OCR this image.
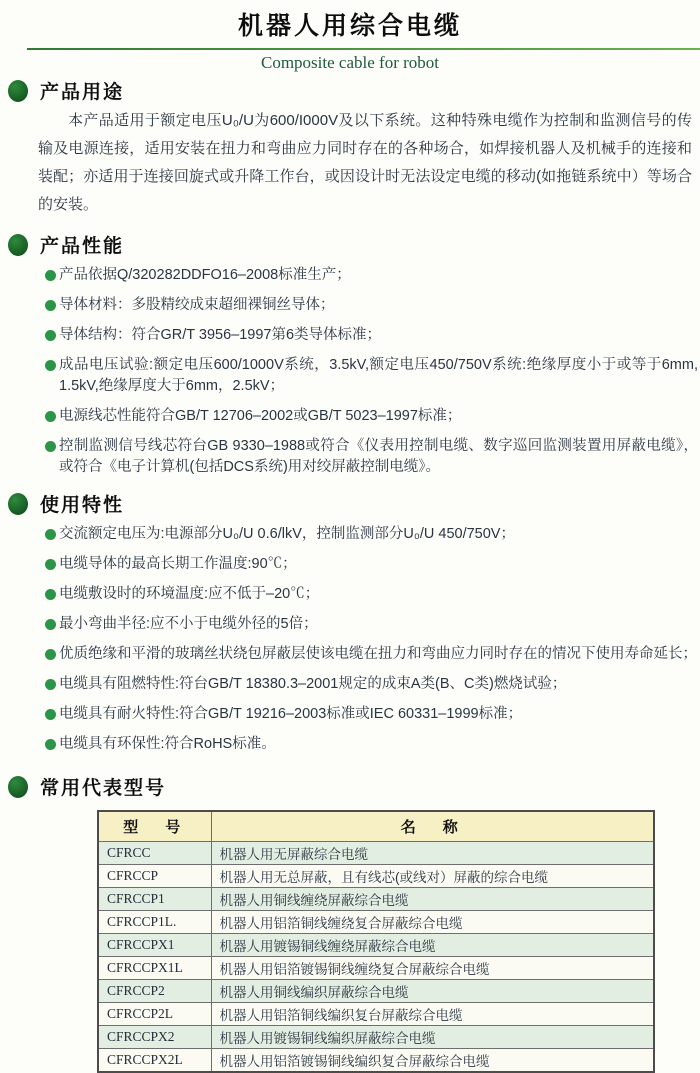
机器人用综合电缆
Composite cable for robot
产品用途

本产品适用于额定电压U₀/U为600/I000V及以下系统。这种特殊电缆作为控制和监测信号的传输及电源连接，适用安装在扭力和弯曲应力同时存在的各种场合，如焊接机器人及机械手的连接和装配；亦适用于连接回旋式或升降工作台，或因设计时无法设定电缆的移动(如拖链系统中）等场合的安装。

产品性能
产品依据Q/320282DDFO16–2008标准生产；
导体材料：多股精绞成束超细裸铜丝导体；
导体结构：符合GR/T 3956–1997第6类导体标准；
成品电压试验:额定电压600/1000V系统，3.5kV,额定电压450/750V系统:绝缘厚度小于或等于6mm, 1.5kV,绝缘厚度大于6mm，2.5kV；
电源线芯性能符合GB/T 12706–2002或GB/T 5023–1997标准；
控制监测信号线芯符台GB 9330–1988或符合《仪表用控制电缆、数字巡回监测装置用屏蔽电缆》，或符合《电子计算机(包括DCS系统)用对绞屏蔽控制电缆》。
使用特性
交流额定电压为:电源部分U₀/U 0.6/lkV，控制监测部分U₀/U 450/750V；
电缆导体的最高长期工作温度:90℃；
电缆敷设时的环境温度:应不低于–20℃；
最小弯曲半径:应不小于电缆外径的5倍；
优质绝缘和平滑的玻璃丝状绕包屏蔽层使该电缆在扭力和弯曲应力同时存在的情况下使用寿命延长；
电缆具有阻燃特性:符台GB/T 18380.3–2001规定的成束A类(B、C类)燃烧试验；
电缆具有耐火特性:符合GB/T 19216–2003标准或IEC 60331–1999标准；
电缆具有环保性:符合RoHS标准。
常用代表型号
型　号	名　称
CFRCC	机器人用无屏蔽综合电缆
CFRCCP	机器人用无总屏蔽，且有线芯(或线对）屏蔽的综合电缆
CFRCCP1	机器人用铜线缠绕屏蔽综合电缆
CFRCCP1L.	机器人用铝箔铜线缠绕复合屏蔽综合电缆
CFRCCPX1	机器人用镀锡铜线缠绕屏蔽综合电缆
CFRCCPX1L	机器人用铝箔镀锡铜线缠绕复合屏蔽综合电缆
CFRCCP2	机器人用铜线编织屏蔽综合电缆
CFRCCP2L	机器人用铝箔铜线编织复台屏蔽综合电缆
CFRCCPX2	机器人用镀锡铜线编织屏蔽综合电缆
CFRCCPX2L	机器人用铝箔镀锡铜线编织复合屏蔽综合电缆
